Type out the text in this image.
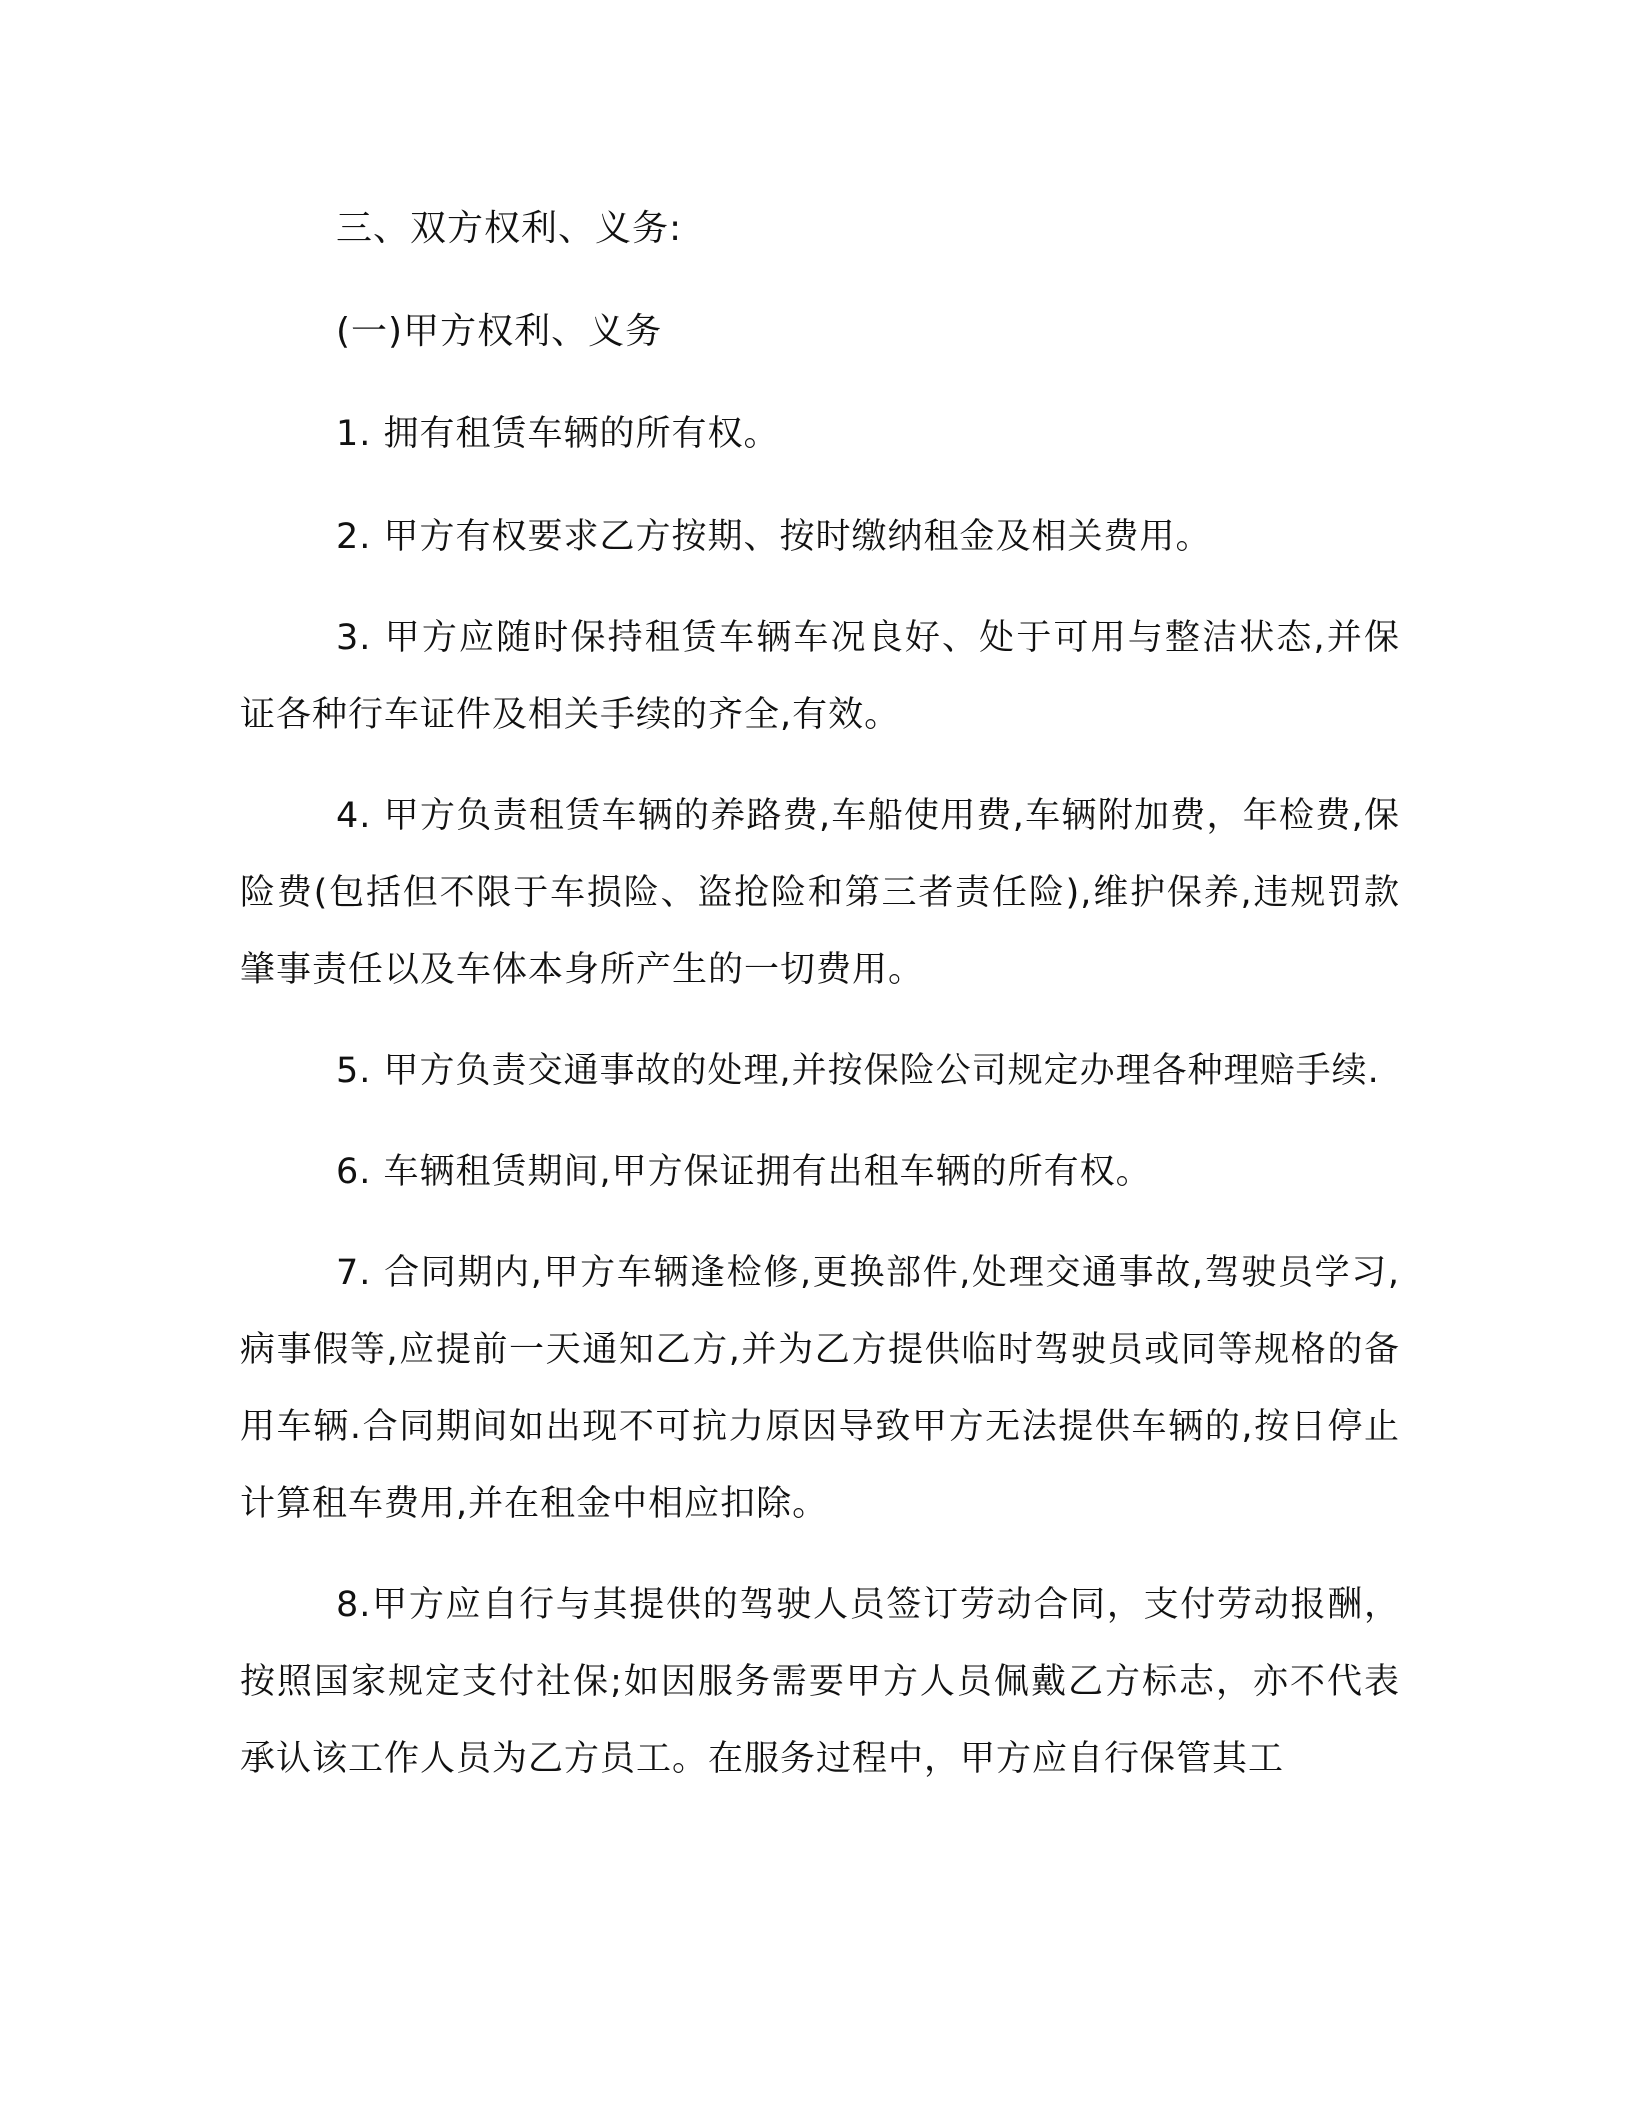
三、双方权利、义务:

(一)甲方权利、义务

1. 拥有租赁车辆的所有权。

2. 甲方有权要求乙方按期、按时缴纳租金及相关费用。

3. 甲方应随时保持租赁车辆车况良好、处于可用与整洁状态,并保证各种行车证件及相关手续的齐全,有效。

4. 甲方负责租赁车辆的养路费,车船使用费,车辆附加费，年检费,保险费(包括但不限于车损险、盗抢险和第三者责任险),维护保养,违规罚款肇事责任以及车体本身所产生的一切费用。

5. 甲方负责交通事故的处理,并按保险公司规定办理各种理赔手续.

6. 车辆租赁期间,甲方保证拥有出租车辆的所有权。

7. 合同期内,甲方车辆逢检修,更换部件,处理交通事故,驾驶员学习,病事假等,应提前一天通知乙方,并为乙方提供临时驾驶员或同等规格的备用车辆.合同期间如出现不可抗力原因导致甲方无法提供车辆的,按日停止计算租车费用,并在租金中相应扣除。

8.甲方应自行与其提供的驾驶人员签订劳动合同，支付劳动报酬，按照国家规定支付社保;如因服务需要甲方人员佩戴乙方标志，亦不代表承认该工作人员为乙方员工。在服务过程中，甲方应自行保管其工
